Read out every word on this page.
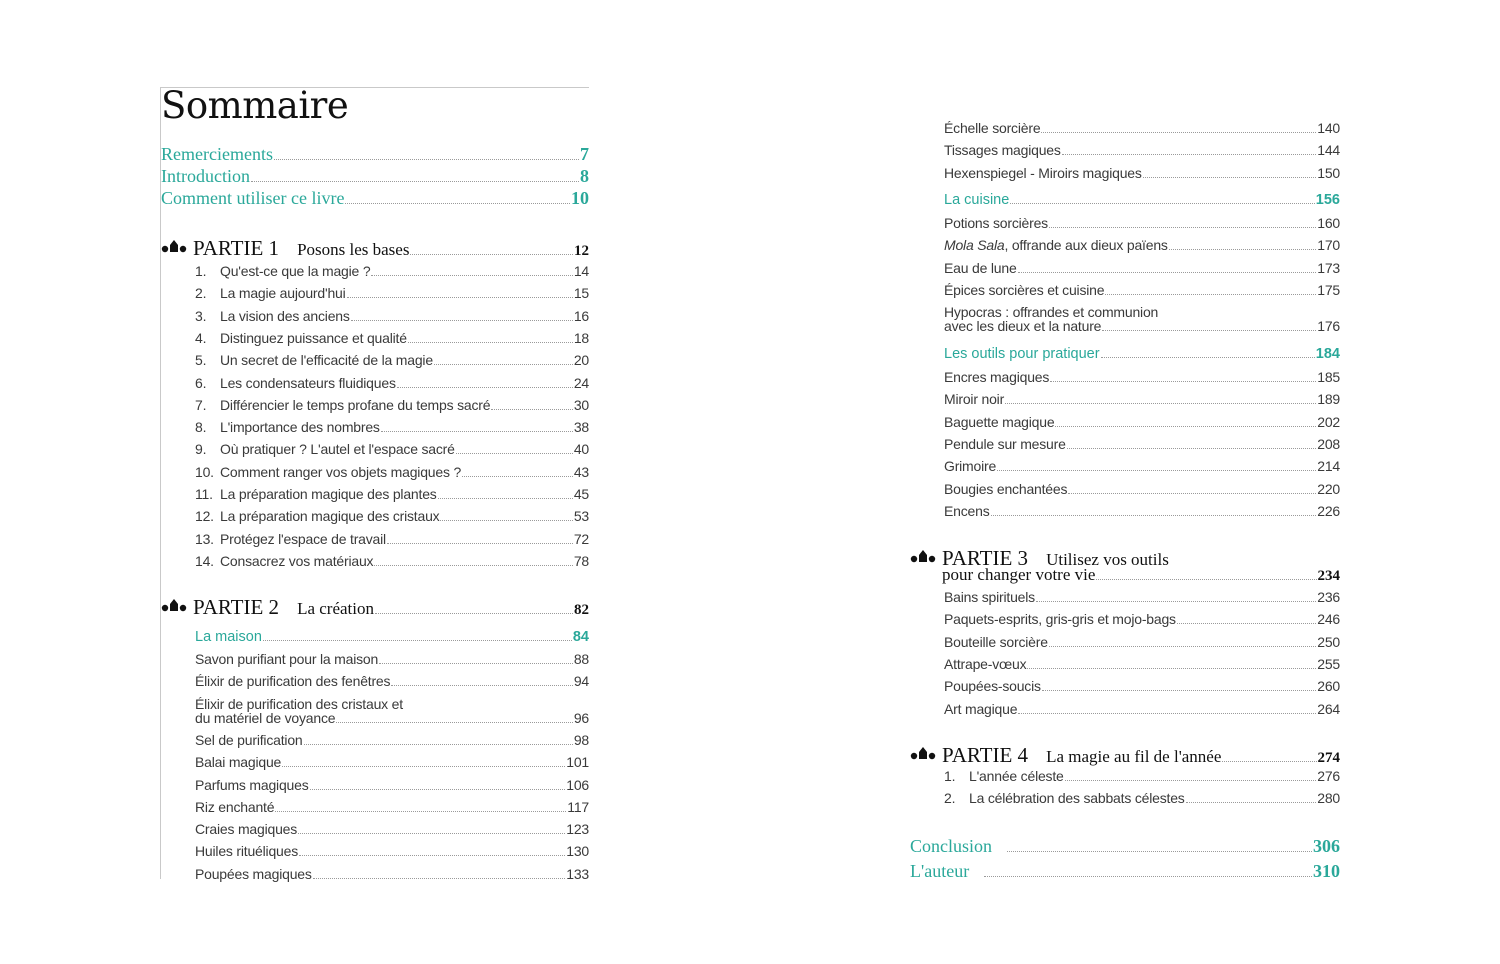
Sommaire
Remerciements	7
Introduction	8
Comment utiliser ce livre	10
PARTIE 1 Posons les bases	12
1. Qu'est-ce que la magie ?	14
2. La magie aujourd'hui	15
3. La vision des anciens	16
4. Distinguez puissance et qualité	18
5. Un secret de l'efficacité de la magie	20
6. Les condensateurs fluidiques	24
7. Différencier le temps profane du temps sacré	30
8. L'importance des nombres	38
9. Où pratiquer ? L'autel et l'espace sacré	40
10. Comment ranger vos objets magiques ?	43
11. La préparation magique des plantes	45
12. La préparation magique des cristaux	53
13. Protégez l'espace de travail	72
14. Consacrez vos matériaux	78
PARTIE 2 La création	82
La maison	84
Savon purifiant pour la maison	88
Élixir de purification des fenêtres	94
Élixir de purification des cristaux et
du matériel de voyance	96
Sel de purification	98
Balai magique	101
Parfums magiques	106
Riz enchanté	117
Craies magiques	123
Huiles rituéliques	130
Poupées magiques	133
Échelle sorcière	140
Tissages magiques	144
Hexenspiegel - Miroirs magiques	150
La cuisine	156
Potions sorcières	160
Mola Sala , offrande aux dieux païens	170
Eau de lune	173
Épices sorcières et cuisine	175
Hypocras : offrandes et communion
avec les dieux et la nature	176
Les outils pour pratiquer	184
Encres magiques	185
Miroir noir	189
Baguette magique	202
Pendule sur mesure	208
Grimoire	214
Bougies enchantées	220
Encens	226
PARTIE 3 Utilisez vos outils
pour changer votre vie	234
Bains spirituels	236
Paquets-esprits, gris-gris et mojo-bags	246
Bouteille sorcière	250
Attrape-vœux	255
Poupées-soucis	260
Art magique	264
PARTIE 4 La magie au fil de l'année	274
1. L'année céleste	276
2. La célébration des sabbats célestes	280
Conclusion	306
L'auteur	310
